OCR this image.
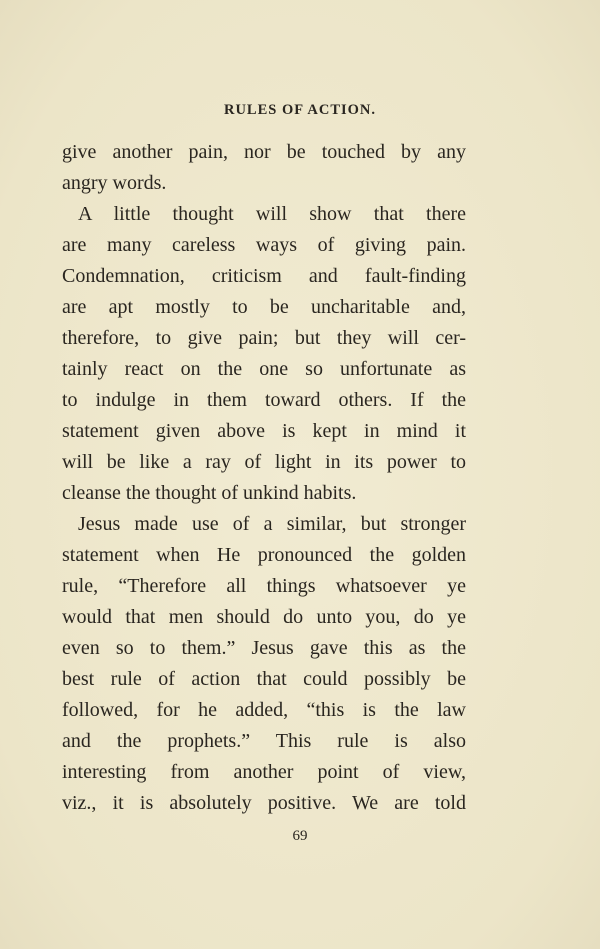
RULES OF ACTION.
give another pain, nor be touched by any
angry words.
A little thought will show that there
are many careless ways of giving pain.
Condemnation, criticism and fault-finding
are apt mostly to be uncharitable and,
therefore, to give pain; but they will cer-
tainly react on the one so unfortunate as
to indulge in them toward others. If the
statement given above is kept in mind it
will be like a ray of light in its power to
cleanse the thought of unkind habits.
Jesus made use of a similar, but stronger
statement when He pronounced the golden
rule, “Therefore all things whatsoever ye
would that men should do unto you, do ye
even so to them.” Jesus gave this as the
best rule of action that could possibly be
followed, for he added, “this is the law
and the prophets.” This rule is also
interesting from another point of view,
viz., it is absolutely positive. We are told
69
